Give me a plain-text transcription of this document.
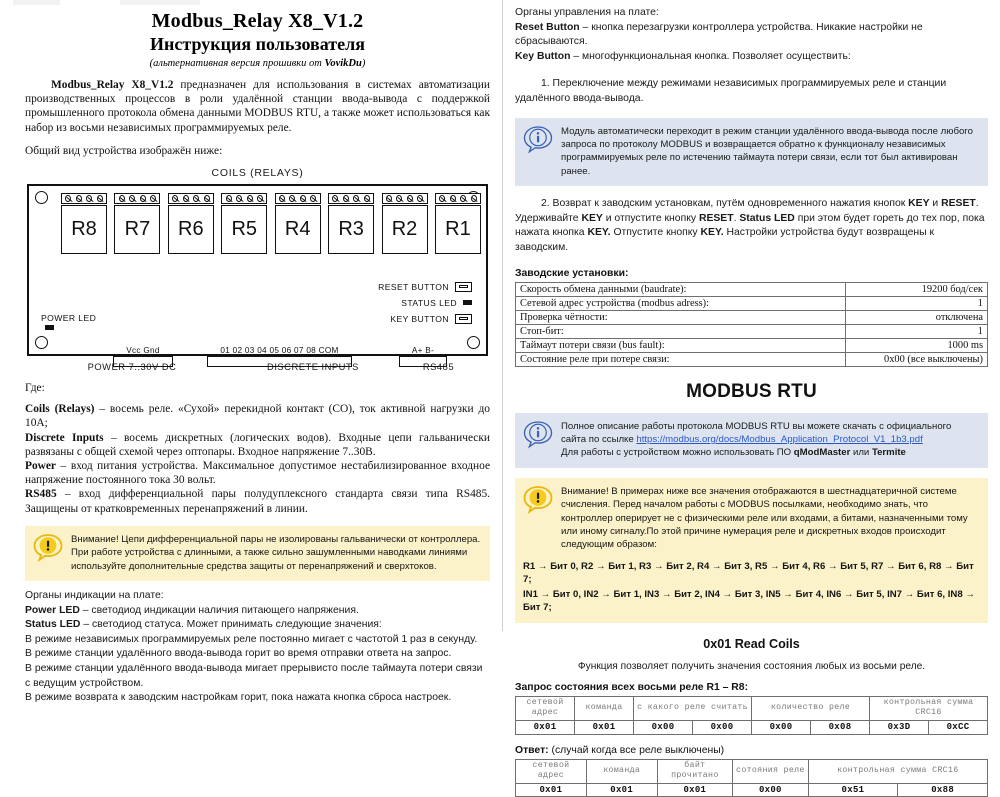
Modbus_Relay X8_V1.2
Инструкция пользователя
(альтернативная версия прошивки от VovikDu)

Modbus_Relay X8_V1.2 предназначен для использования в системах автоматизации производственных процессов в роли удалённой станции ввода-вывода с поддержкой промышленного протокола обмена данными MODBUS RTU, а также может использоваться как набор из восьми независимых программируемых реле.

Общий вид устройства изображён ниже:

COILS (RELAYS)
R8	R7	R6	R5	R4	R3	R2	R1
RESET BUTTON
STATUS LED
KEY BUTTON
POWER LED
Vcc Gnd	01 02 03 04 05 06 07 08 COM	A+ B-
POWER 7..30V DC	DISCRETE INPUTS	RS485

Где:

Coils (Relays) – восемь реле. «Сухой» перекидной контакт (CO), ток активной нагрузки до 10А;
Discrete Inputs – восемь дискретных (логических водов). Входные цепи гальванически развязаны с общей схемой через оптопары. Входное напряжение 7..30В.
Power – вход питания устройства. Максимальное допустимое нестабилизированное входное напряжение постоянного тока 30 вольт.
RS485 – вход дифференциальной пары полудуплексного стандарта связи типа RS485. Защищены от кратковременных перенапряжений в линии.

Внимание! Цепи дифференциальной пары не изолированы гальванически от контроллера. При работе устройства с длинными, а также сильно зашумленными наводками линиями используйте дополнительные средства защиты от перенапряжений и сверхтоков.

Органы индикации на плате:

Power LED – светодиод индикации наличия питающего напряжения.

Status LED – светодиод статуса. Может принимать следующие значения:

В режиме независимых программируемых реле постоянно мигает с частотой 1 раз в секунду.

В режиме станции удалённого ввода-вывода горит во время отправки ответа на запрос.

В режиме станции удалённого ввода-вывода мигает прерывисто после таймаута потери связи с ведущим устройством.

В режиме возврата к заводским настройкам горит, пока нажата кнопка сброса настроек.

Органы управления на плате:

Reset Button – кнопка перезагрузки контроллера устройства. Никакие настройки не сбрасываются.

Key Button – многофункциональная кнопка. Позволяет осуществить:

1. Переключение между режимами независимых программируемых реле и станции удалённого ввода-вывода.

Модуль автоматически переходит в режим станции удалённого ввода-вывода после любого запроса по протоколу MODBUS и возвращается обратно к функционалу независимых программируемых реле по истечению таймаута потери связи, если тот был активирован ранее.

2. Возврат к заводским установкам, путём одновременного нажатия кнопок KEY и RESET. Удерживайте KEY и отпустите кнопку RESET. Status LED при этом будет гореть до тех пор, пока нажата кнопка KEY. Отпустите кнопку KEY. Настройки устройства будут возвращены к заводским.

Заводские установки:
Скорость обмена данными (baudrate):	19200 бод/сек
Сетевой адрес устройства (modbus adress):	1
Проверка чётности:	отключена
Стоп-бит:	1
Таймаут потери связи (bus fault):	1000 ms
Состояние реле при потере связи:	0x00 (все выключены)
MODBUS RTU
Полное описание работы протокола MODBUS RTU вы можете скачать с официального сайта по ссылке https://modbus.org/docs/Modbus_Application_Protocol_V1_1b3.pdf
Для работы с устройством можно использовать ПО qModMaster или Termite
Внимание! В примерах ниже все значения отображаются в шестнадцатеричной системе счисления. Перед началом работы с MODBUS посылками, необходимо знать, что контроллер оперирует не с физическими реле или входами, а битами, назначенными тому или иному сигналу.По этой причине нумерация реле и дискретных входов происходит следующим образом:
R1 → Бит 0, R2 → Бит 1, R3 → Бит 2, R4 → Бит 3, R5 → Бит 4, R6 → Бит 5, R7 → Бит 6, R8 → Бит 7;
IN1 → Бит 0, IN2 → Бит 1, IN3 → Бит 2, IN4 → Бит 3, IN5 → Бит 4, IN6 → Бит 5, IN7 → Бит 6, IN8 → Бит 7;
0x01 Read Coils
Функция позволяет получить значения состояния любых из восьми реле.
Запрос состояния всех восьми реле R1 – R8:
сетевой адрес	команда	с какого реле считать		количество реле		контрольная сумма CRC16	
0x01	0x01	0x00	0x00	0x00	0x08	0x3D	0xCC
Ответ: (случай когда все реле выключены)
сетевой адрес	команда	байт прочитано	сотояния реле	контрольная сумма CRC16	
0x01	0x01	0x01	0x00	0x51	0x88
